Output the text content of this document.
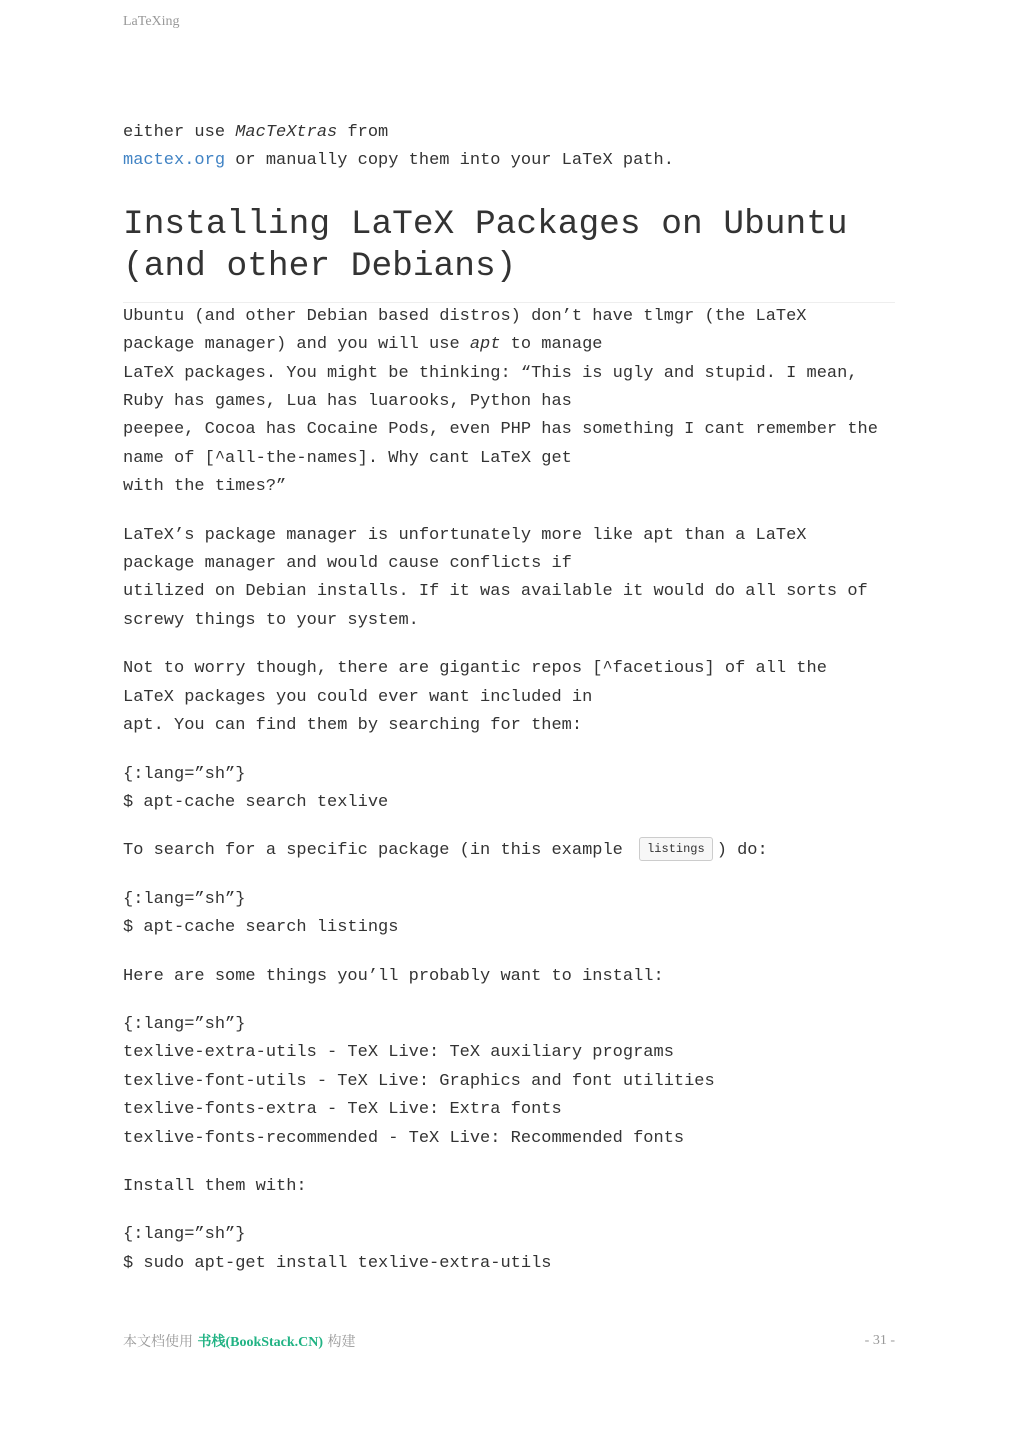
LaTeXing

either use MacTeXtras from
mactex.org or manually copy them into your LaTeX path.

Installing LaTeX Packages on Ubuntu (and other Debians)

Ubuntu (and other Debian based distros) don’t have tlmgr (the LaTeX
package manager) and you will use apt to manage
LaTeX packages. You might be thinking: “This is ugly and stupid. I mean,
Ruby has games, Lua has luarooks, Python has
peepee, Cocoa has Cocaine Pods, even PHP has something I cant remember the
name of [^all-the-names]. Why cant LaTeX get
with the times?”

LaTeX’s package manager is unfortunately more like apt than a LaTeX
package manager and would cause conflicts if
utilized on Debian installs. If it was available it would do all sorts of
screwy things to your system.

Not to worry though, there are gigantic repos [^facetious] of all the
LaTeX packages you could ever want included in
apt. You can find them by searching for them:

{:lang=”sh”}
$ apt-cache search texlive

To search for a specific package (in this example listings ) do:

{:lang=”sh”}
$ apt-cache search listings

Here are some things you’ll probably want to install:

{:lang=”sh”}
texlive-extra-utils - TeX Live: TeX auxiliary programs
texlive-font-utils - TeX Live: Graphics and font utilities
texlive-fonts-extra - TeX Live: Extra fonts
texlive-fonts-recommended - TeX Live: Recommended fonts

Install them with:

{:lang=”sh”}
$ sudo apt-get install texlive-extra-utils

本文档使用 书栈(BookStack.CN) 构建	- 31 -
